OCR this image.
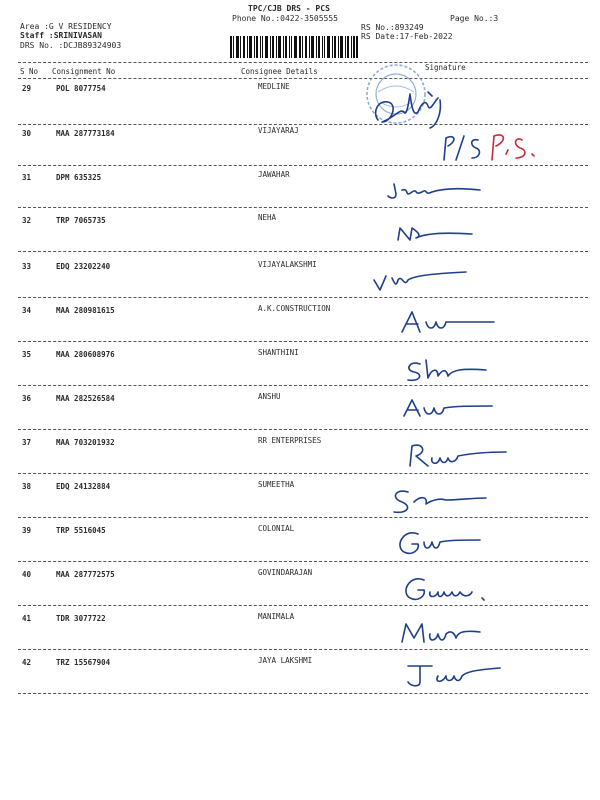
TPC/CJB DRS - PCS
Phone No.:0422-3505555	Page No.:3
Area :G V RESIDENCY
Staff :SRINIVASAN
DRS No. :DCJB89324903
RS No.:893249
RS Date:17-Feb-2022
S No Consignment No	Consignee Details	Signature
29	POL 8077754	MEDLINE
30	MAA 287773184	VIJAYARAJ
31	DPM 635325	JAWAHAR
32	TRP 7065735	NEHA
33	EDQ 23202240	VIJAYALAKSHMI
34	MAA 280981615	A.K.CONSTRUCTION
35	MAA 280608976	SHANTHINI
36	MAA 282526584	ANSHU
37	MAA 703201932	RR ENTERPRISES
38	EDQ 24132884	SUMEETHA
39	TRP 5516045	COLONIAL
40	MAA 287772575	GOVINDARAJAN
41	TDR 3077722	MANIMALA
42	TRZ 15567904	JAYA LAKSHMI
